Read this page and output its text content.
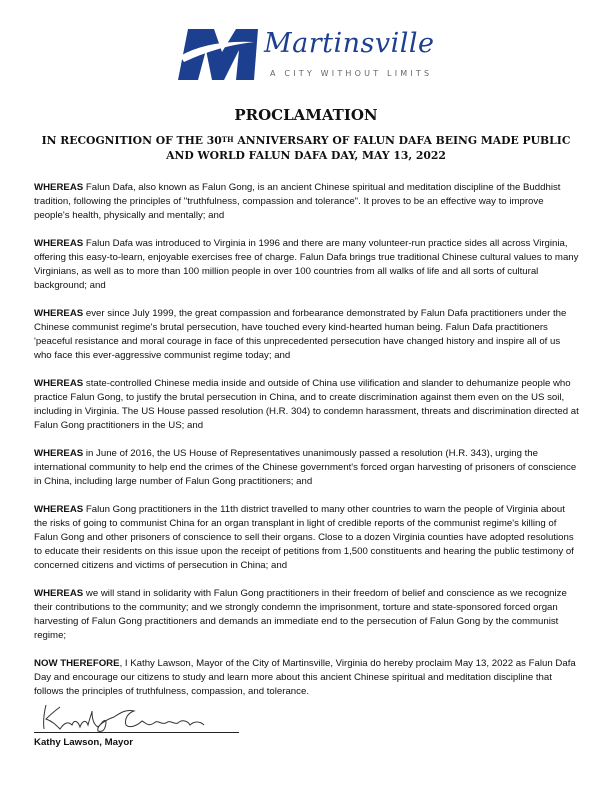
Martinsville
A CITY WITHOUT LIMITS
PROCLAMATION
IN RECOGNITION OF THE 30TH ANNIVERSARY OF FALUN DAFA BEING MADE PUBLIC
AND WORLD FALUN DAFA DAY, MAY 13, 2022

WHEREAS Falun Dafa, also known as Falun Gong, is an ancient Chinese spiritual and meditation discipline of the Buddhist tradition, following the principles of "truthfulness, compassion and tolerance". It proves to be an effective way to improve people's health, physically and mentally; and

WHEREAS Falun Dafa was introduced to Virginia in 1996 and there are many volunteer-run practice sides all across Virginia, offering this easy-to-learn, enjoyable exercises free of charge. Falun Dafa brings true traditional Chinese cultural values to many Virginians, as well as to more than 100 million people in over 100 countries from all walks of life and all sorts of cultural background; and

WHEREAS ever since July 1999, the great compassion and forbearance demonstrated by Falun Dafa practitioners under the Chinese communist regime's brutal persecution, have touched every kind-hearted human being. Falun Dafa practitioners 'peaceful resistance and moral courage in face of this unprecedented persecution have changed history and inspire all of us who face this ever-aggressive communist regime today; and

WHEREAS state-controlled Chinese media inside and outside of China use vilification and slander to dehumanize people who practice Falun Gong, to justify the brutal persecution in China, and to create discrimination against them even on the US soil, including in Virginia. The US House passed resolution (H.R. 304) to condemn harassment, threats and discrimination directed at Falun Gong practitioners in the US; and

WHEREAS in June of 2016, the US House of Representatives unanimously passed a resolution (H.R. 343), urging the international community to help end the crimes of the Chinese government's forced organ harvesting of prisoners of conscience in China, including large number of Falun Gong practitioners; and

WHEREAS Falun Gong practitioners in the 11th district travelled to many other countries to warn the people of Virginia about the risks of going to communist China for an organ transplant in light of credible reports of the communist regime's killing of Falun Gong and other prisoners of conscience to sell their organs. Close to a dozen Virginia counties have adopted resolutions to educate their residents on this issue upon the receipt of petitions from 1,500 constituents and hearing the public testimony of concerned citizens and victims of persecution in China; and

WHEREAS we will stand in solidarity with Falun Gong practitioners in their freedom of belief and conscience as we recognize their contributions to the community; and we strongly condemn the imprisonment, torture and state-sponsored forced organ harvesting of Falun Gong practitioners and demands an immediate end to the persecution of Falun Gong by the communist regime;

NOW THEREFORE, I Kathy Lawson, Mayor of the City of Martinsville, Virginia do hereby proclaim May 13, 2022 as Falun Dafa Day and encourage our citizens to study and learn more about this ancient Chinese spiritual and meditation discipline that follows the principles of truthfulness, compassion, and tolerance.

Kathy Lawson, Mayor
